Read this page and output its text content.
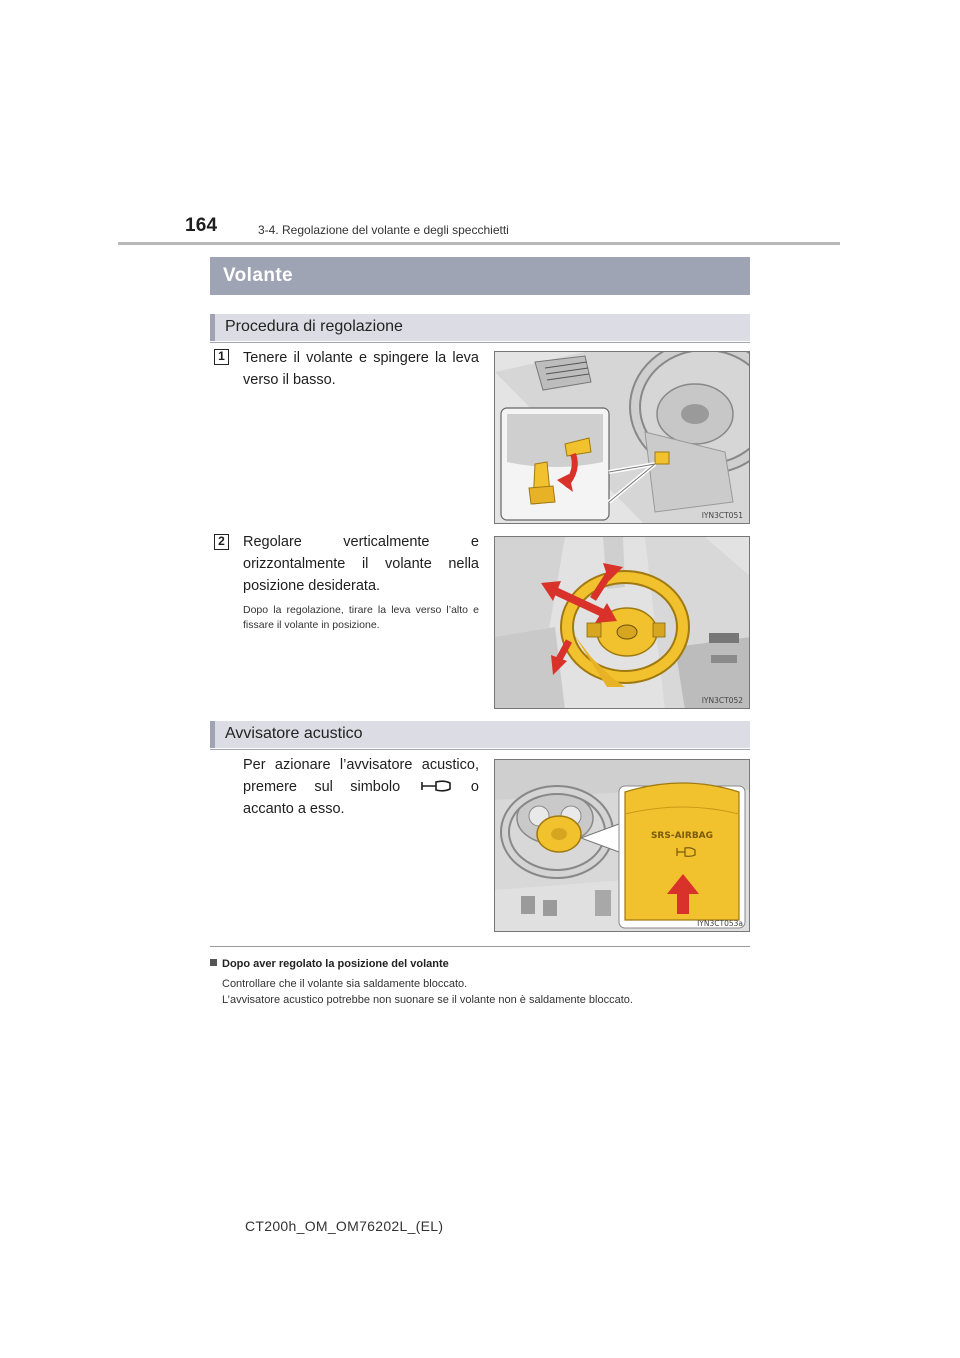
164	3-4. Regolazione del volante e degli specchietti
Volante
Procedura di regolazione
1 Tenere il volante e spingere la leva verso il basso.
IYN3CT051
2 Regolare verticalmente e orizzontalmente il volante nella posizione desiderata.
Dopo la regolazione, tirare la leva verso l’alto e fissare il volante in posizione.
IYN3CT052
Avvisatore acustico
Per azionare l’avvisatore acustico, premere sul simbolo	o accanto a esso.
SRS-AIRBAG
IYN3CT053a
Dopo aver regolato la posizione del volante
Controllare che il volante sia saldamente bloccato.
L’avvisatore acustico potrebbe non suonare se il volante non è saldamente bloccato.
CT200h_OM_OM76202L_(EL)
